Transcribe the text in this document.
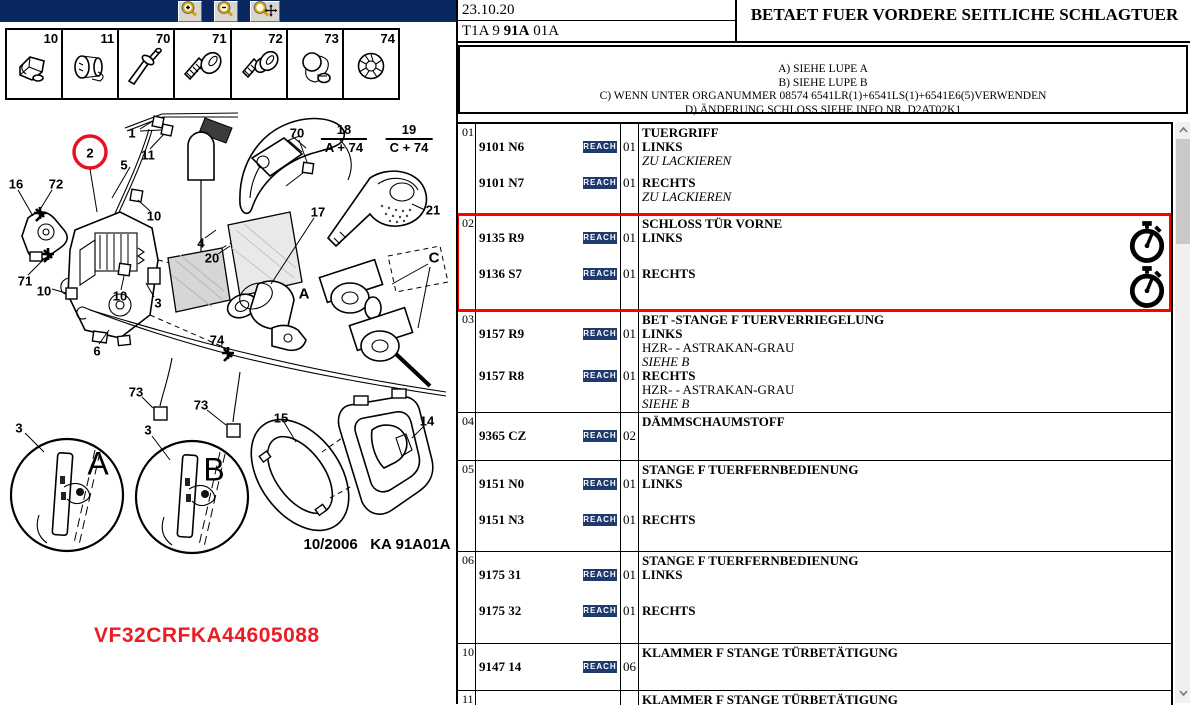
10	11	70	71	72	73	74
1
11
2
5
70
16 72
10	17	21
4
20	C
71
10	10 3
A
6
74
73
73
3	3
15	14
A	B
$\frac{18}{A + 74} \frac{19}{C + 74}$
10/2006   KA 91A01A
VF32CRFKA44605088
23.10.20
T1A 9 91A 01A
BETAET FUER VORDERE SEITLICHE SCHLAGTUER
A) SIEHE LUPE A
B) SIEHE LUPE B
C) WENN UNTER ORGANUMMER 08574 6541LR(1)+6541LS(1)+6541E6(5)VERWENDEN
D) ÄNDERUNG SCHLOSS SIEHE INFO NR. D2AT02K1
01	TUERGRIFF
9101 N6	REACH 01 LINKS
ZU LACKIEREN
9101 N7	REACH 01 RECHTS
ZU LACKIEREN
02	SCHLOSS TÜR VORNE
9135 R9	REACH 01 LINKS
9136 S7	REACH 01 RECHTS
03	BET -STANGE F TUERVERRIEGELUNG
9157 R9	REACH 01 LINKS
HZR- - ASTRAKAN-GRAU
SIEHE B
9157 R8	REACH 01 RECHTS
HZR- - ASTRAKAN-GRAU
SIEHE B
04	DÄMMSCHAUMSTOFF
9365 CZ	REACH 02
05	STANGE F TUERFERNBEDIENUNG
9151 N0	REACH 01 LINKS
9151 N3	REACH 01 RECHTS
06	STANGE F TUERFERNBEDIENUNG
9175 31	REACH 01 LINKS
9175 32	REACH 01 RECHTS
10	KLAMMER F STANGE TÜRBETÄTIGUNG
9147 14	REACH 06
11	KLAMMER F STANGE TÜRBETÄTIGUNG
